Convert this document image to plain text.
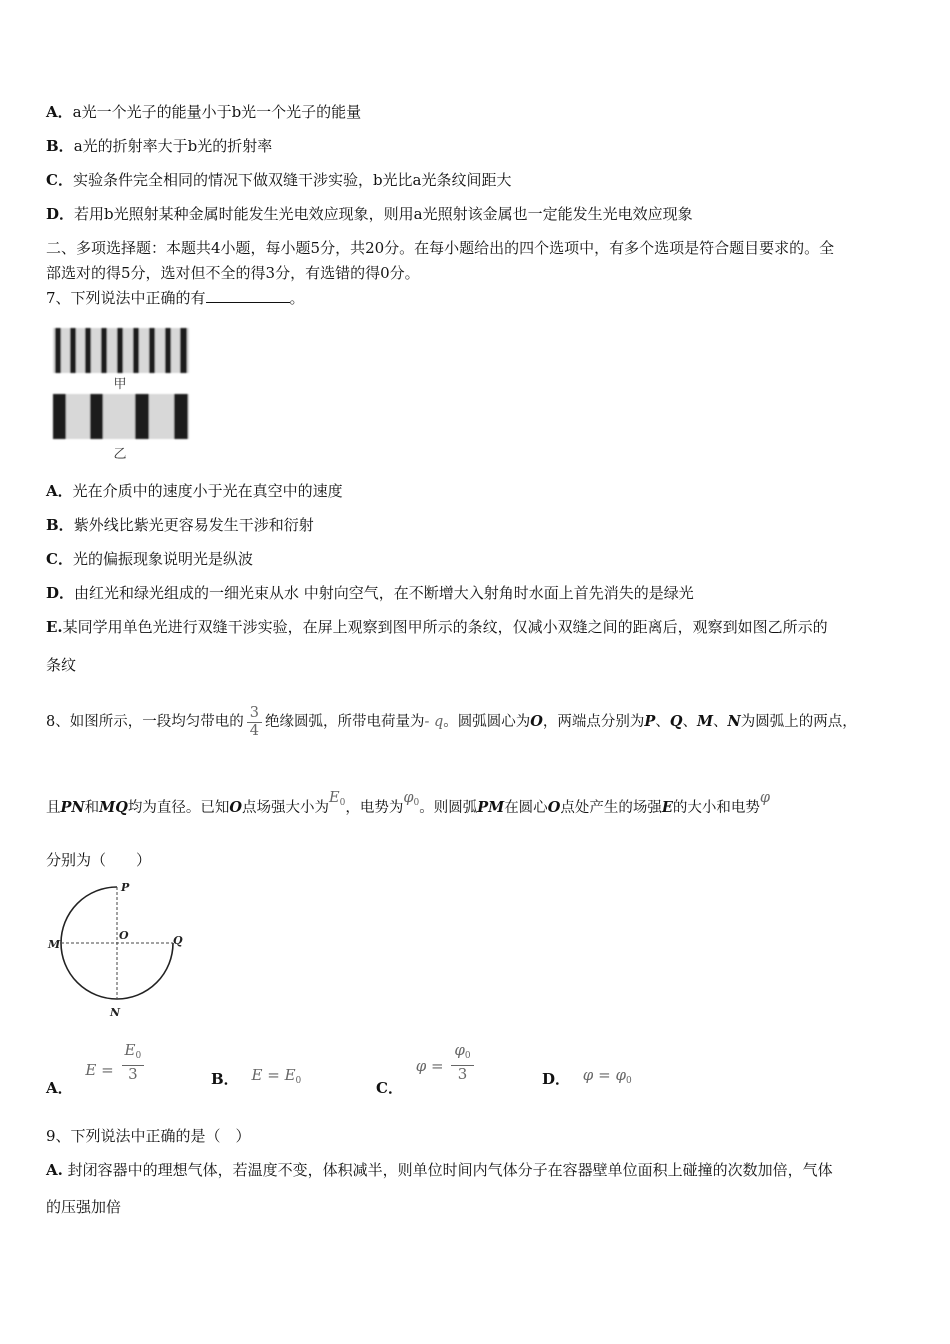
A．a光一个光子的能量小于b光一个光子的能量
B．a光的折射率大于b光的折射率
C．实验条件完全相同的情况下做双缝干涉实验，b光比a光条纹间距大
D．若用b光照射某种金属时能发生光电效应现象，则用a光照射该金属也一定能发生光电效应现象
二、多项选择题：本题共4小题，每小题5分，共20分。在每小题给出的四个选项中，有多个选项是符合题目要求的。全
部选对的得5分，选对但不全的得3分，有选错的得0分。
7、下列说法中正确的有	。
甲
乙
A．光在介质中的速度小于光在真空中的速度
B．紫外线比紫光更容易发生干涉和衍射
C．光的偏振现象说明光是纵波
D．由红光和绿光组成的一细光束从水 中射向空气，在不断增大入射角时水面上首先消失的是绿光
E.某同学用单色光进行双缝干涉实验，在屏上观察到图甲所示的条纹，仅减小双缝之间的距离后，观察到如图乙所示的
条纹
8、如图所示，一段均匀带电的 $\frac{3}{4}$ 绝缘圆弧，所带电荷量为- q。圆弧圆心为O，两端点分别为P、Q、M、N为圆弧上的两点，
且PN和MQ均为直径。已知O点场强大小为$E_0$，电势为$\varphi_0$。则圆弧PM在圆心O点处产生的场强E的大小和电势φ
分别为（　　）
P
O
M	Q
N
A． $E = \frac{E_0}{3}$	B． $E = E_0$	C． $\varphi = \frac{\varphi_0}{3}$	D． $\varphi = \varphi_0$
9、下列说法中正确的是（　）
A. 封闭容器中的理想气体，若温度不变，体积减半，则单位时间内气体分子在容器壁单位面积上碰撞的次数加倍，气体
的压强加倍
